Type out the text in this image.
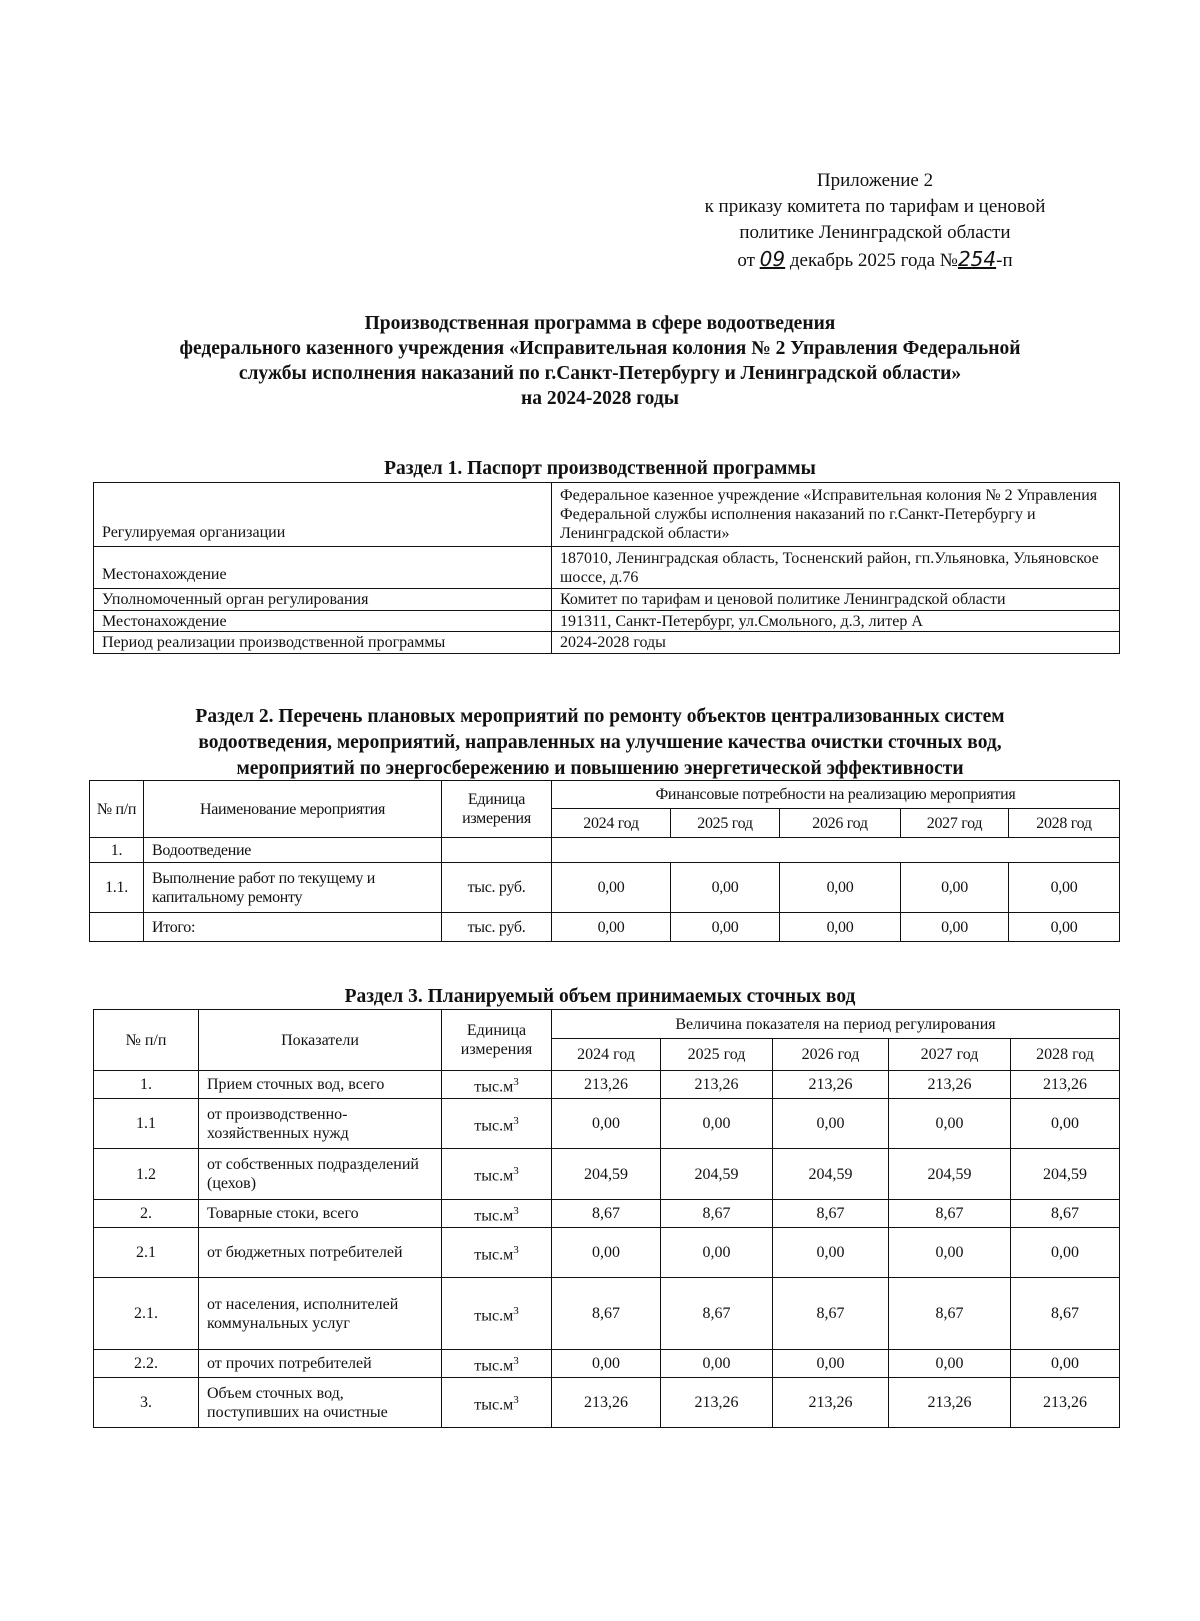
Приложение 2
к приказу комитета по тарифам и ценовой
политике Ленинградской области
от 09 декабрь 2025 года №254-п
Производственная программа в сфере водоотведения
федерального казенного учреждения «Исправительная колония № 2 Управления Федеральной
службы исполнения наказаний по г.Санкт-Петербургу и Ленинградской области»
на 2024-2028 годы
Раздел 1. Паспорт производственной программы
Регулируемая организации	Федеральное казенное учреждение «Исправительная колония № 2 Управления Федеральной службы исполнения наказаний по г.Санкт-Петербургу и Ленинградской области»
Местонахождение	187010, Ленинградская область, Тосненский район, гп.Ульяновка, Ульяновское шоссе, д.76
Уполномоченный орган регулирования	Комитет по тарифам и ценовой политике Ленинградской области
Местонахождение	191311, Санкт-Петербург, ул.Смольного, д.3, литер А
Период реализации производственной программы	2024-2028 годы
Раздел 2. Перечень плановых мероприятий по ремонту объектов централизованных систем
водоотведения, мероприятий, направленных на улучшение качества очистки сточных вод,
мероприятий по энергосбережению и повышению энергетической эффективности
№ п/п	Наименование мероприятия	Единица измерения	Финансовые потребности на реализацию мероприятия				
			2024 год	2025 год	2026 год	2027 год	2028 год
1.	Водоотведение						
1.1.	Выполнение работ по текущему и капитальному ремонту	тыс. руб.	0,00	0,00	0,00	0,00	0,00
	Итого:	тыс. руб.	0,00	0,00	0,00	0,00	0,00
Раздел 3. Планируемый объем принимаемых сточных вод
№ п/п	Показатели	Единица измерения	Величина показателя на период регулирования				
			2024 год	2025 год	2026 год	2027 год	2028 год
1.	Прием сточных вод, всего	$тыс.м^3$	213,26	213,26	213,26	213,26	213,26
1.1	от производственно-хозяйственных нужд	$тыс.м^3$	0,00	0,00	0,00	0,00	0,00
1.2	от собственных подразделений (цехов)	$тыс.м^3$	204,59	204,59	204,59	204,59	204,59
2.	Товарные стоки, всего	$тыс.м^3$	8,67	8,67	8,67	8,67	8,67
2.1	от бюджетных потребителей	$тыс.м^3$	0,00	0,00	0,00	0,00	0,00
2.1.	от населения, исполнителей коммунальных услуг	$тыс.м^3$	8,67	8,67	8,67	8,67	8,67
2.2.	от прочих потребителей	$тыс.м^3$	0,00	0,00	0,00	0,00	0,00
3.	Объем сточных вод, поступивших на очистные	$тыс.м^3$	213,26	213,26	213,26	213,26	213,26
